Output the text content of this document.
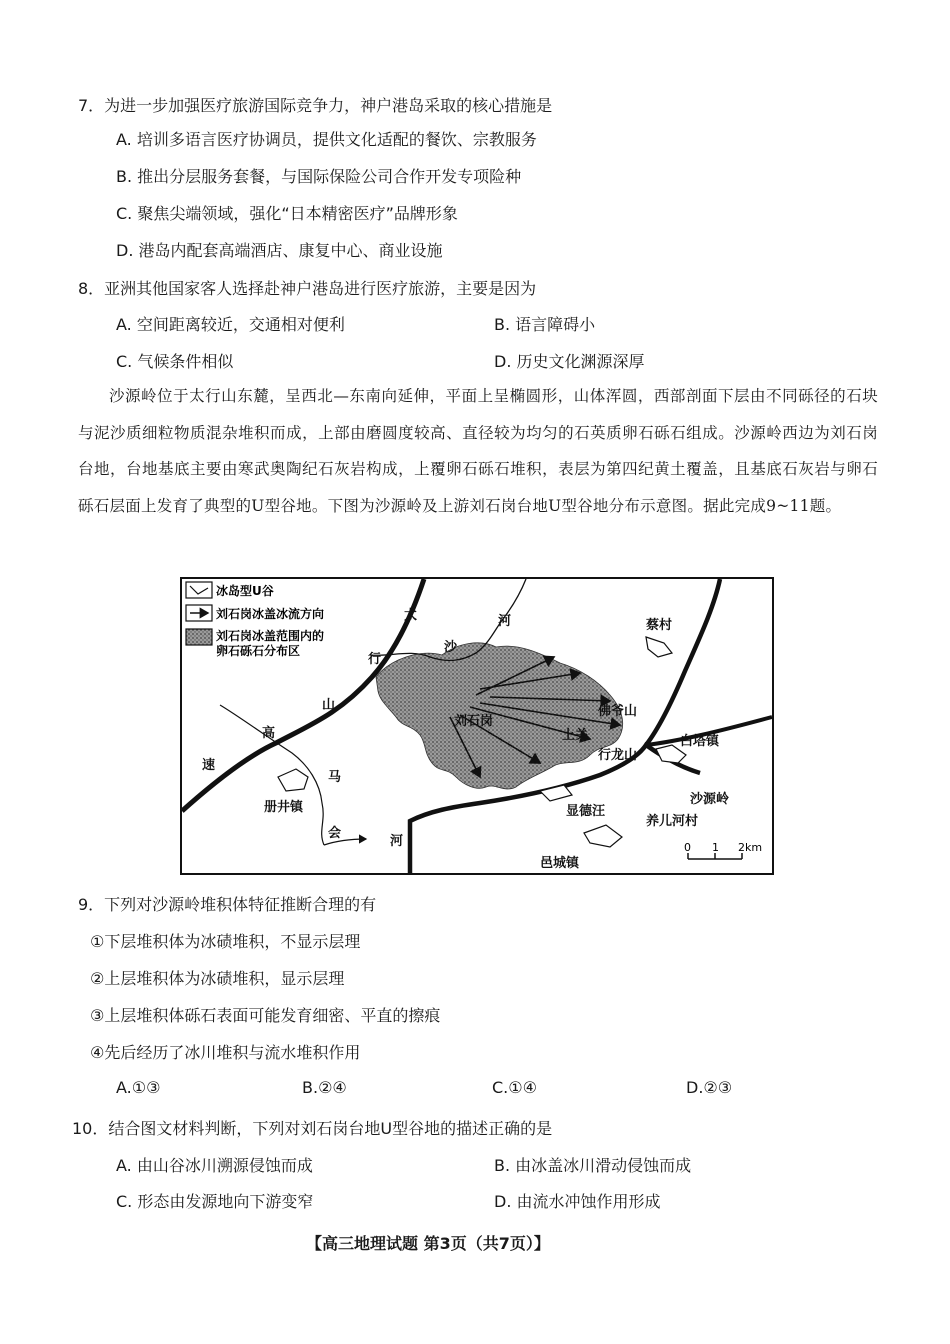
7．为进一步加强医疗旅游国际竞争力，神户港岛采取的核心措施是
A. 培训多语言医疗协调员，提供文化适配的餐饮、宗教服务
B. 推出分层服务套餐，与国际保险公司合作开发专项险种
C. 聚焦尖端领域，强化“日本精密医疗”品牌形象
D. 港岛内配套高端酒店、康复中心、商业设施
8．亚洲其他国家客人选择赴神户港岛进行医疗旅游，主要是因为
A. 空间距离较近，交通相对便利	B. 语言障碍小
C. 气候条件相似	D. 历史文化渊源深厚

沙源岭位于太行山东麓，呈西北—东南向延伸，平面上呈椭圆形，山体浑圆，西部剖面下层由不同砾径的石块与泥沙质细粒物质混杂堆积而成，上部由磨圆度较高、直径较为均匀的石英质卵石砾石组成。沙源岭西边为刘石岗台地，台地基底主要由寒武奥陶纪石灰岩构成，上覆卵石砾石堆积，表层为第四纪黄土覆盖，且基底石灰岩与卵石砾石层面上发育了典型的U型谷地。下图为沙源岭及上游刘石岗台地U型谷地分布示意图。据此完成9~11题。

冰岛型U谷
刘石岗冰盖冰流方向
刘石岗冰盖范围内的
卵石砾石分布区
太
行
山
高
速
沙
河
马
会
河
蔡村
佛爷山
刘石岗
上关
行龙山
白塔镇
沙源岭
显德汪
养儿河村
册井镇
邑城镇
0 1 2km
9．下列对沙源岭堆积体特征推断合理的有
①下层堆积体为冰碛堆积，不显示层理
②上层堆积体为冰碛堆积，显示层理
③上层堆积体砾石表面可能发育细密、平直的擦痕
④先后经历了冰川堆积与流水堆积作用
A.①③	B.②④	C.①④	D.②③
10．结合图文材料判断，下列对刘石岗台地U型谷地的描述正确的是
A. 由山谷冰川溯源侵蚀而成	B. 由冰盖冰川滑动侵蚀而成
C. 形态由发源地向下游变窄	D. 由流水冲蚀作用形成
【高三地理试题 第3页（共7页）】
